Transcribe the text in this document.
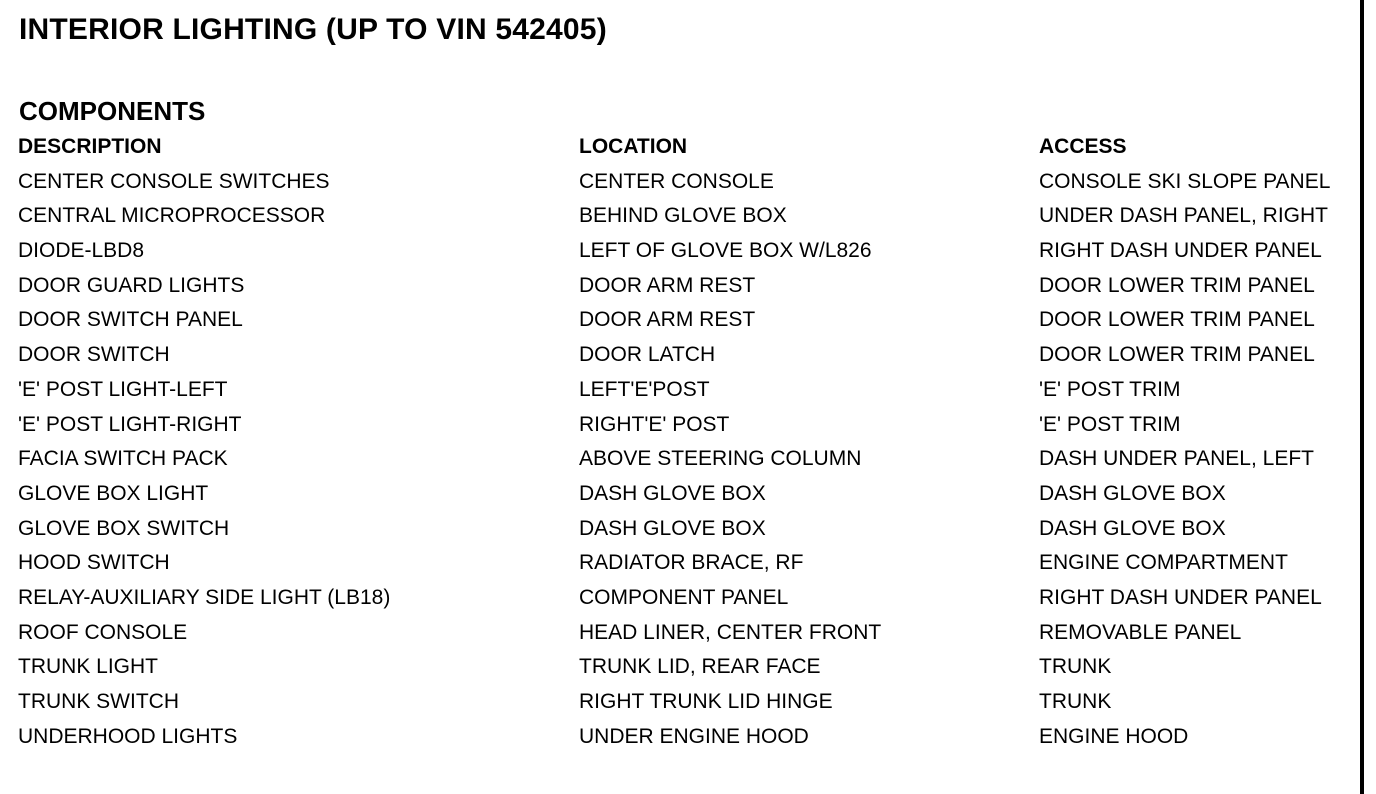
INTERIOR LIGHTING (UP TO VIN 542405)
COMPONENTS
DESCRIPTION	LOCATION	ACCESS
CENTER CONSOLE SWITCHES	CENTER CONSOLE	CONSOLE SKI SLOPE PANEL
CENTRAL MICROPROCESSOR	BEHIND GLOVE BOX	UNDER DASH PANEL, RIGHT
DIODE-LBD8	LEFT OF GLOVE BOX W/L826	RIGHT DASH UNDER PANEL
DOOR GUARD LIGHTS	DOOR ARM REST	DOOR LOWER TRIM PANEL
DOOR SWITCH PANEL	DOOR ARM REST	DOOR LOWER TRIM PANEL
DOOR SWITCH	DOOR LATCH	DOOR LOWER TRIM PANEL
'E' POST LIGHT-LEFT	LEFT'E'POST	'E' POST TRIM
'E' POST LIGHT-RIGHT	RIGHT'E' POST	'E' POST TRIM
FACIA SWITCH PACK	ABOVE STEERING COLUMN	DASH UNDER PANEL, LEFT
GLOVE BOX LIGHT	DASH GLOVE BOX	DASH GLOVE BOX
GLOVE BOX SWITCH	DASH GLOVE BOX	DASH GLOVE BOX
HOOD SWITCH	RADIATOR BRACE, RF	ENGINE COMPARTMENT
RELAY-AUXILIARY SIDE LIGHT (LB18)	COMPONENT PANEL	RIGHT DASH UNDER PANEL
ROOF CONSOLE	HEAD LINER, CENTER FRONT	REMOVABLE PANEL
TRUNK LIGHT	TRUNK LID, REAR FACE	TRUNK
TRUNK SWITCH	RIGHT TRUNK LID HINGE	TRUNK
UNDERHOOD LIGHTS	UNDER ENGINE HOOD	ENGINE HOOD
